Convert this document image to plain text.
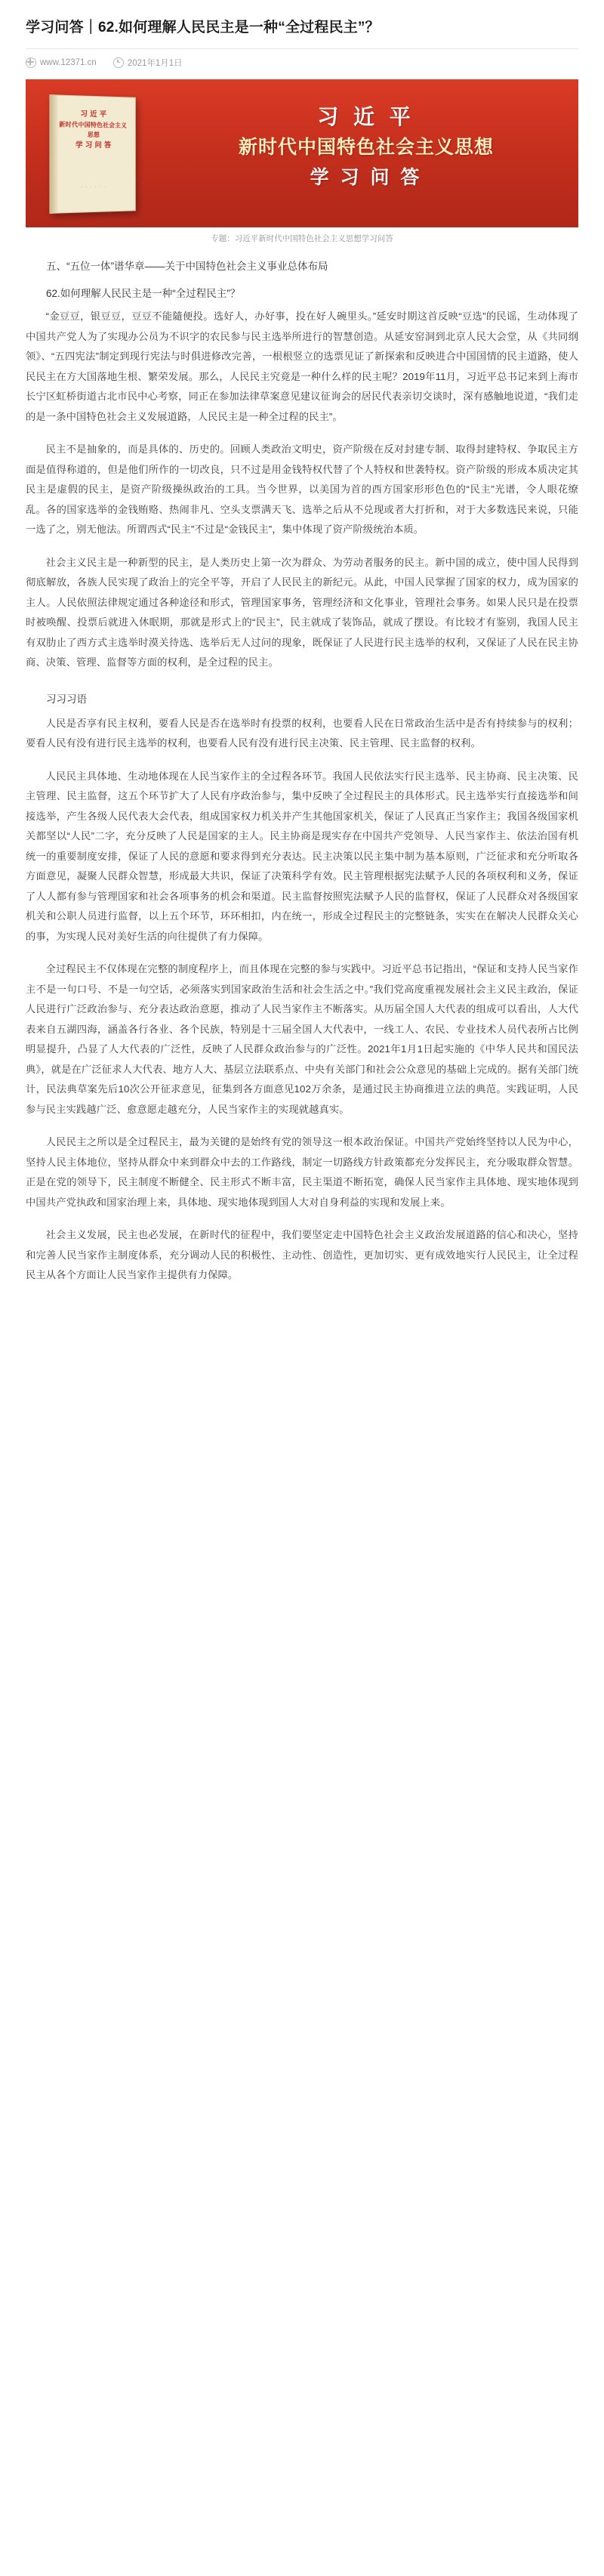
学习问答｜62.如何理解人民民主是一种“全过程民主”？
www.12371.cn	2021年1月1日
习 近 平
新时代中国特色社会主义思想
学 习 问 答
· · · · · ·
习 近 平
新时代中国特色社会主义思想
学 习 问 答
专题：习近平新时代中国特色社会主义思想学习问答
五、“五位一体”谱华章——关于中国特色社会主义事业总体布局
62.如何理解人民民主是一种“全过程民主”？

“金豆豆，银豆豆，豆豆不能隨便投。选好人，办好事，投在好人碗里头。”延安时期这首反映“豆选”的民谣，生动体现了中国共产党人为了实现办公员为不识字的农民参与民主选举所进行的智慧创造。从延安窑洞到北京人民大会堂，从《共同纲领》、“五四宪法”制定到现行宪法与时俱进修改完善，一根根竖立的选票见证了新探索和反映进合中国国情的民主道路，使人民民主在方大国落地生根、繁荣发展。那么，人民民主究竟是一种什么样的民主呢？2019年11月，习近平总书记来到上海市长宁区虹桥街道古北市民中心考察，同正在参加法律草案意见建议征询会的居民代表亲切交谈时，深有感触地说道，“我们走的是一条中国特色社会主义发展道路，人民民主是一种全过程的民主”。

民主不是抽象的，而是具体的、历史的。回顾人类政治文明史，资产阶级在反对封建专制、取得封建特权、争取民主方面是值得称道的，但是他们所作的一切改良，只不过是用金钱特权代替了个人特权和世袭特权。资产阶级的形成本质决定其民主是虚假的民主，是资产阶级操纵政治的工具。当今世界，以美国为首的西方国家形形色色的“民主”光谱，令人眼花缭乱。各的国家选举的金钱贿赂、热闹非凡、空头支票满天飞、选举之后从不兑现或者大打折和，对于大多数选民来说，只能一选了之，别无他法。所谓西式“民主”不过是“金钱民主”，集中体现了资产阶级统治本质。

社会主义民主是一种新型的民主，是人类历史上第一次为群众、为劳动者服务的民主。新中国的成立，使中国人民得到彻底解放，各族人民实现了政治上的完全平等，开启了人民民主的新纪元。从此，中国人民掌握了国家的权力，成为国家的主人。人民依照法律规定通过各种途径和形式，管理国家事务，管理经济和文化事业，管理社会事务。如果人民只是在投票时被唤醒、投票后就进入休眠期，那就是形式上的“民主”，民主就成了装饰品，就成了摆设。有比较才有鉴别，我国人民主有双肋止了西方式主选举时漠关待选、选举后无人过问的现象，既保证了人民进行民主选举的权利，又保证了人民在民主协商、决策、管理、监督等方面的权利，是全过程的民主。

习习习语

人民是否享有民主权利，要看人民是否在选举时有投票的权利，也要看人民在日常政治生活中是否有持续参与的权利；要看人民有没有进行民主选举的权利，也要看人民有没有进行民主决策、民主管理、民主监督的权利。

人民民主具体地、生动地体现在人民当家作主的全过程各环节。我国人民依法实行民主选举、民主协商、民主决策、民主管理、民主监督，这五个环节扩大了人民有序政治参与，集中反映了全过程民主的具体形式。民主选举实行直接选举和间接选举，产生各级人民代表大会代表，组成国家权力机关并产生其他国家机关，保证了人民真正当家作主；我国各级国家机关都坚以“人民”二字，充分反映了人民是国家的主人。民主协商是现实存在中国共产党领导、人民当家作主、依法治国有机统一的重要制度安排，保证了人民的意愿和要求得到充分表达。民主决策以民主集中制为基本原则，广泛征求和充分听取各方面意见，凝聚人民群众智慧，形成最大共识，保证了决策科学有效。民主管理根据宪法赋予人民的各项权利和义务，保证了人人都有参与管理国家和社会各项事务的机会和渠道。民主监督按照宪法赋予人民的监督权，保证了人民群众对各级国家机关和公职人员进行监督，以上五个环节，环环相扣，内在统一，形成全过程民主的完整链条，实实在在解决人民群众关心的事，为实现人民对美好生活的向往提供了有力保障。

全过程民主不仅体现在完整的制度程序上，而且体现在完整的参与实践中。习近平总书记指出，“保证和支持人民当家作主不是一句口号、不是一句空话，必须落实到国家政治生活和社会生活之中。”我们党高度重视发展社会主义民主政治，保证人民进行广泛政治参与、充分表达政治意愿，推动了人民当家作主不断落实。从历届全国人大代表的组成可以看出，人大代表来自五湖四海，涵盖各行各业、各个民族，特别是十三届全国人大代表中，一线工人、农民、专业技术人员代表所占比例明显提升，凸显了人大代表的广泛性，反映了人民群众政治参与的广泛性。2021年1月1日起实施的《中华人民共和国民法典》，就是在广泛征求人大代表、地方人大、基层立法联系点、中央有关部门和社会公众意见的基础上完成的。据有关部门统计，民法典草案先后10次公开征求意见，征集到各方面意见102万余条，是通过民主协商推进立法的典范。实践证明，人民参与民主实践越广泛、愈意愿走越充分，人民当家作主的实现就越真实。

人民民主之所以是全过程民主，最为关键的是始终有党的领导这一根本政治保证。中国共产党始终坚持以人民为中心，坚持人民主体地位，坚持从群众中来到群众中去的工作路线，制定一切路线方针政策都充分发挥民主，充分吸取群众智慧。正是在党的领导下，民主制度不断健全、民主形式不断丰富，民主渠道不断拓宽，确保人民当家作主具体地、现实地体现到中国共产党执政和国家治理上来，具体地、现实地体现到国人大对自身利益的实现和发展上来。

社会主义发展，民主也必发展，在新时代的征程中，我们要坚定走中国特色社会主义政治发展道路的信心和决心，坚持和完善人民当家作主制度体系，充分调动人民的积极性、主动性、创造性，更加切实、更有成效地实行人民民主，让全过程民主从各个方面让人民当家作主提供有力保障。
